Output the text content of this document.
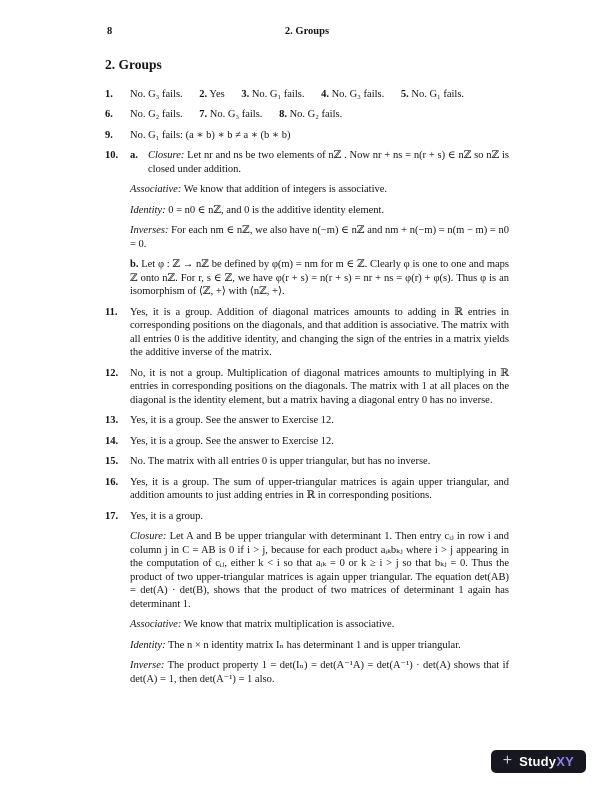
8	2. Groups
2. Groups
1.	No. G₃ fails. 2. Yes 3. No. G₁ fails. 4. No. G₃ fails. 5. No. G₁ fails.
6.	No. G₂ fails. 7. No. G₃ fails. 8. No. G₂ fails.
9.	No. G₁ fails: (a ∗ b) ∗ b ≠ a ∗ (b ∗ b)
10.	a. Closure: Let nr and ns be two elements of nℤ . Now nr + ns = n(r + s) ∈ nℤ so nℤ is closed under addition.
Associative: We know that addition of integers is associative.
Identity: 0 = n0 ∈ nℤ, and 0 is the additive identity element.
Inverses: For each nm ∈ nℤ, we also have n(−m) ∈ nℤ and nm + n(−m) = n(m − m) = n0 = 0.
b. Let φ : ℤ → nℤ be defined by φ(m) = nm for m ∈ ℤ. Clearly φ is one to one and maps ℤ onto nℤ. For r, s ∈ ℤ, we have φ(r + s) = n(r + s) = nr + ns = φ(r) + φ(s). Thus φ is an isomorphism of ⟨ℤ, +⟩ with ⟨nℤ, +⟩.
11.	Yes, it is a group. Addition of diagonal matrices amounts to adding in ℝ entries in corresponding positions on the diagonals, and that addition is associative. The matrix with all entries 0 is the additive identity, and changing the sign of the entries in a matrix yields the additive inverse of the matrix.
12.	No, it is not a group. Multiplication of diagonal matrices amounts to multiplying in ℝ entries in corresponding positions on the diagonals. The matrix with 1 at all places on the diagonal is the identity element, but a matrix having a diagonal entry 0 has no inverse.
13.	Yes, it is a group. See the answer to Exercise 12.
14.	Yes, it is a group. See the answer to Exercise 12.
15.	No. The matrix with all entries 0 is upper triangular, but has no inverse.
16.	Yes, it is a group. The sum of upper-triangular matrices is again upper triangular, and addition amounts to just adding entries in ℝ in corresponding positions.
17.	Yes, it is a group.
Closure: Let A and B be upper triangular with determinant 1. Then entry cᵢⱼ in row i and column j in C = AB is 0 if i > j, because for each product aᵢₖbₖⱼ where i > j appearing in the computation of cᵢⱼ, either k < i so that aᵢₖ = 0 or k ≥ i > j so that bₖⱼ = 0. Thus the product of two upper-triangular matrices is again upper triangular. The equation det(AB) = det(A) · det(B), shows that the product of two matrices of determinant 1 again has determinant 1.
Associative: We know that matrix multiplication is associative.
Identity: The n × n identity matrix Iₙ has determinant 1 and is upper triangular.
Inverse: The product property 1 = det(Iₙ) = det(A⁻¹A) = det(A⁻¹) · det(A) shows that if det(A) = 1, then det(A⁻¹) = 1 also.
+ StudyXY
